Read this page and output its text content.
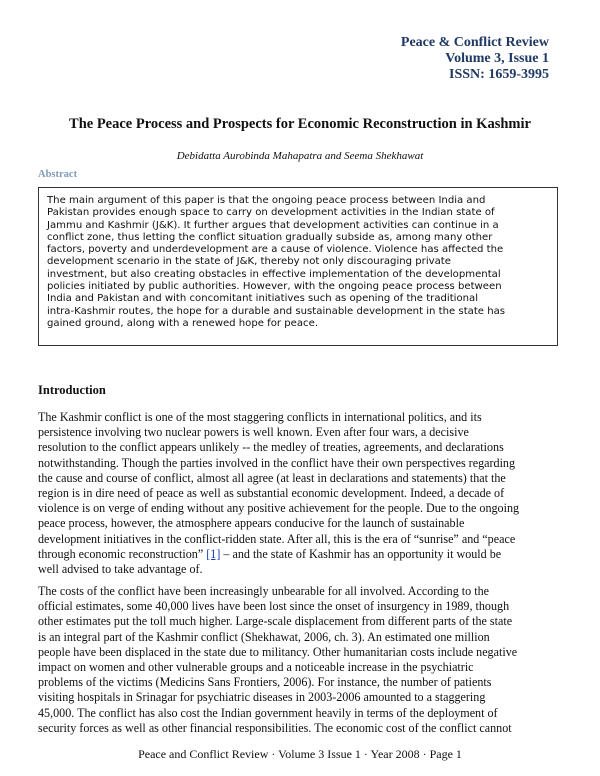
Peace & Conflict Review
Volume 3, Issue 1
ISSN: 1659-3995
The Peace Process and Prospects for Economic Reconstruction in Kashmir
Debidatta Aurobinda Mahapatra and Seema Shekhawat
Abstract

The main argument of this paper is that the ongoing peace process between India and
Pakistan provides enough space to carry on development activities in the Indian state of
Jammu and Kashmir (J&K). It further argues that development activities can continue in a
conflict zone, thus letting the conflict situation gradually subside as, among many other
factors, poverty and underdevelopment are a cause of violence. Violence has affected the
development scenario in the state of J&K, thereby not only discouraging private
investment, but also creating obstacles in effective implementation of the developmental
policies initiated by public authorities. However, with the ongoing peace process between
India and Pakistan and with concomitant initiatives such as opening of the traditional
intra-Kashmir routes, the hope for a durable and sustainable development in the state has
gained ground, along with a renewed hope for peace.

Introduction
The Kashmir conflict is one of the most staggering conflicts in international politics, and its
persistence involving two nuclear powers is well known. Even after four wars, a decisive
resolution to the conflict appears unlikely -- the medley of treaties, agreements, and declarations
notwithstanding. Though the parties involved in the conflict have their own perspectives regarding
the cause and course of conflict, almost all agree (at least in declarations and statements) that the
region is in dire need of peace as well as substantial economic development. Indeed, a decade of
violence is on verge of ending without any positive achievement for the people. Due to the ongoing
peace process, however, the atmosphere appears conducive for the launch of sustainable
development initiatives in the conflict-ridden state. After all, this is the era of “sunrise” and “peace
through economic reconstruction” [1] – and the state of Kashmir has an opportunity it would be
well advised to take advantage of.
The costs of the conflict have been increasingly unbearable for all involved. According to the
official estimates, some 40,000 lives have been lost since the onset of insurgency in 1989, though
other estimates put the toll much higher. Large-scale displacement from different parts of the state
is an integral part of the Kashmir conflict (Shekhawat, 2006, ch. 3). An estimated one million
people have been displaced in the state due to militancy. Other humanitarian costs include negative
impact on women and other vulnerable groups and a noticeable increase in the psychiatric
problems of the victims (Medicins Sans Frontiers, 2006). For instance, the number of patients
visiting hospitals in Srinagar for psychiatric diseases in 2003-2006 amounted to a staggering
45,000. The conflict has also cost the Indian government heavily in terms of the deployment of
security forces as well as other financial responsibilities. The economic cost of the conflict cannot
Peace and Conflict Review · Volume 3 Issue 1 · Year 2008 · Page 1
